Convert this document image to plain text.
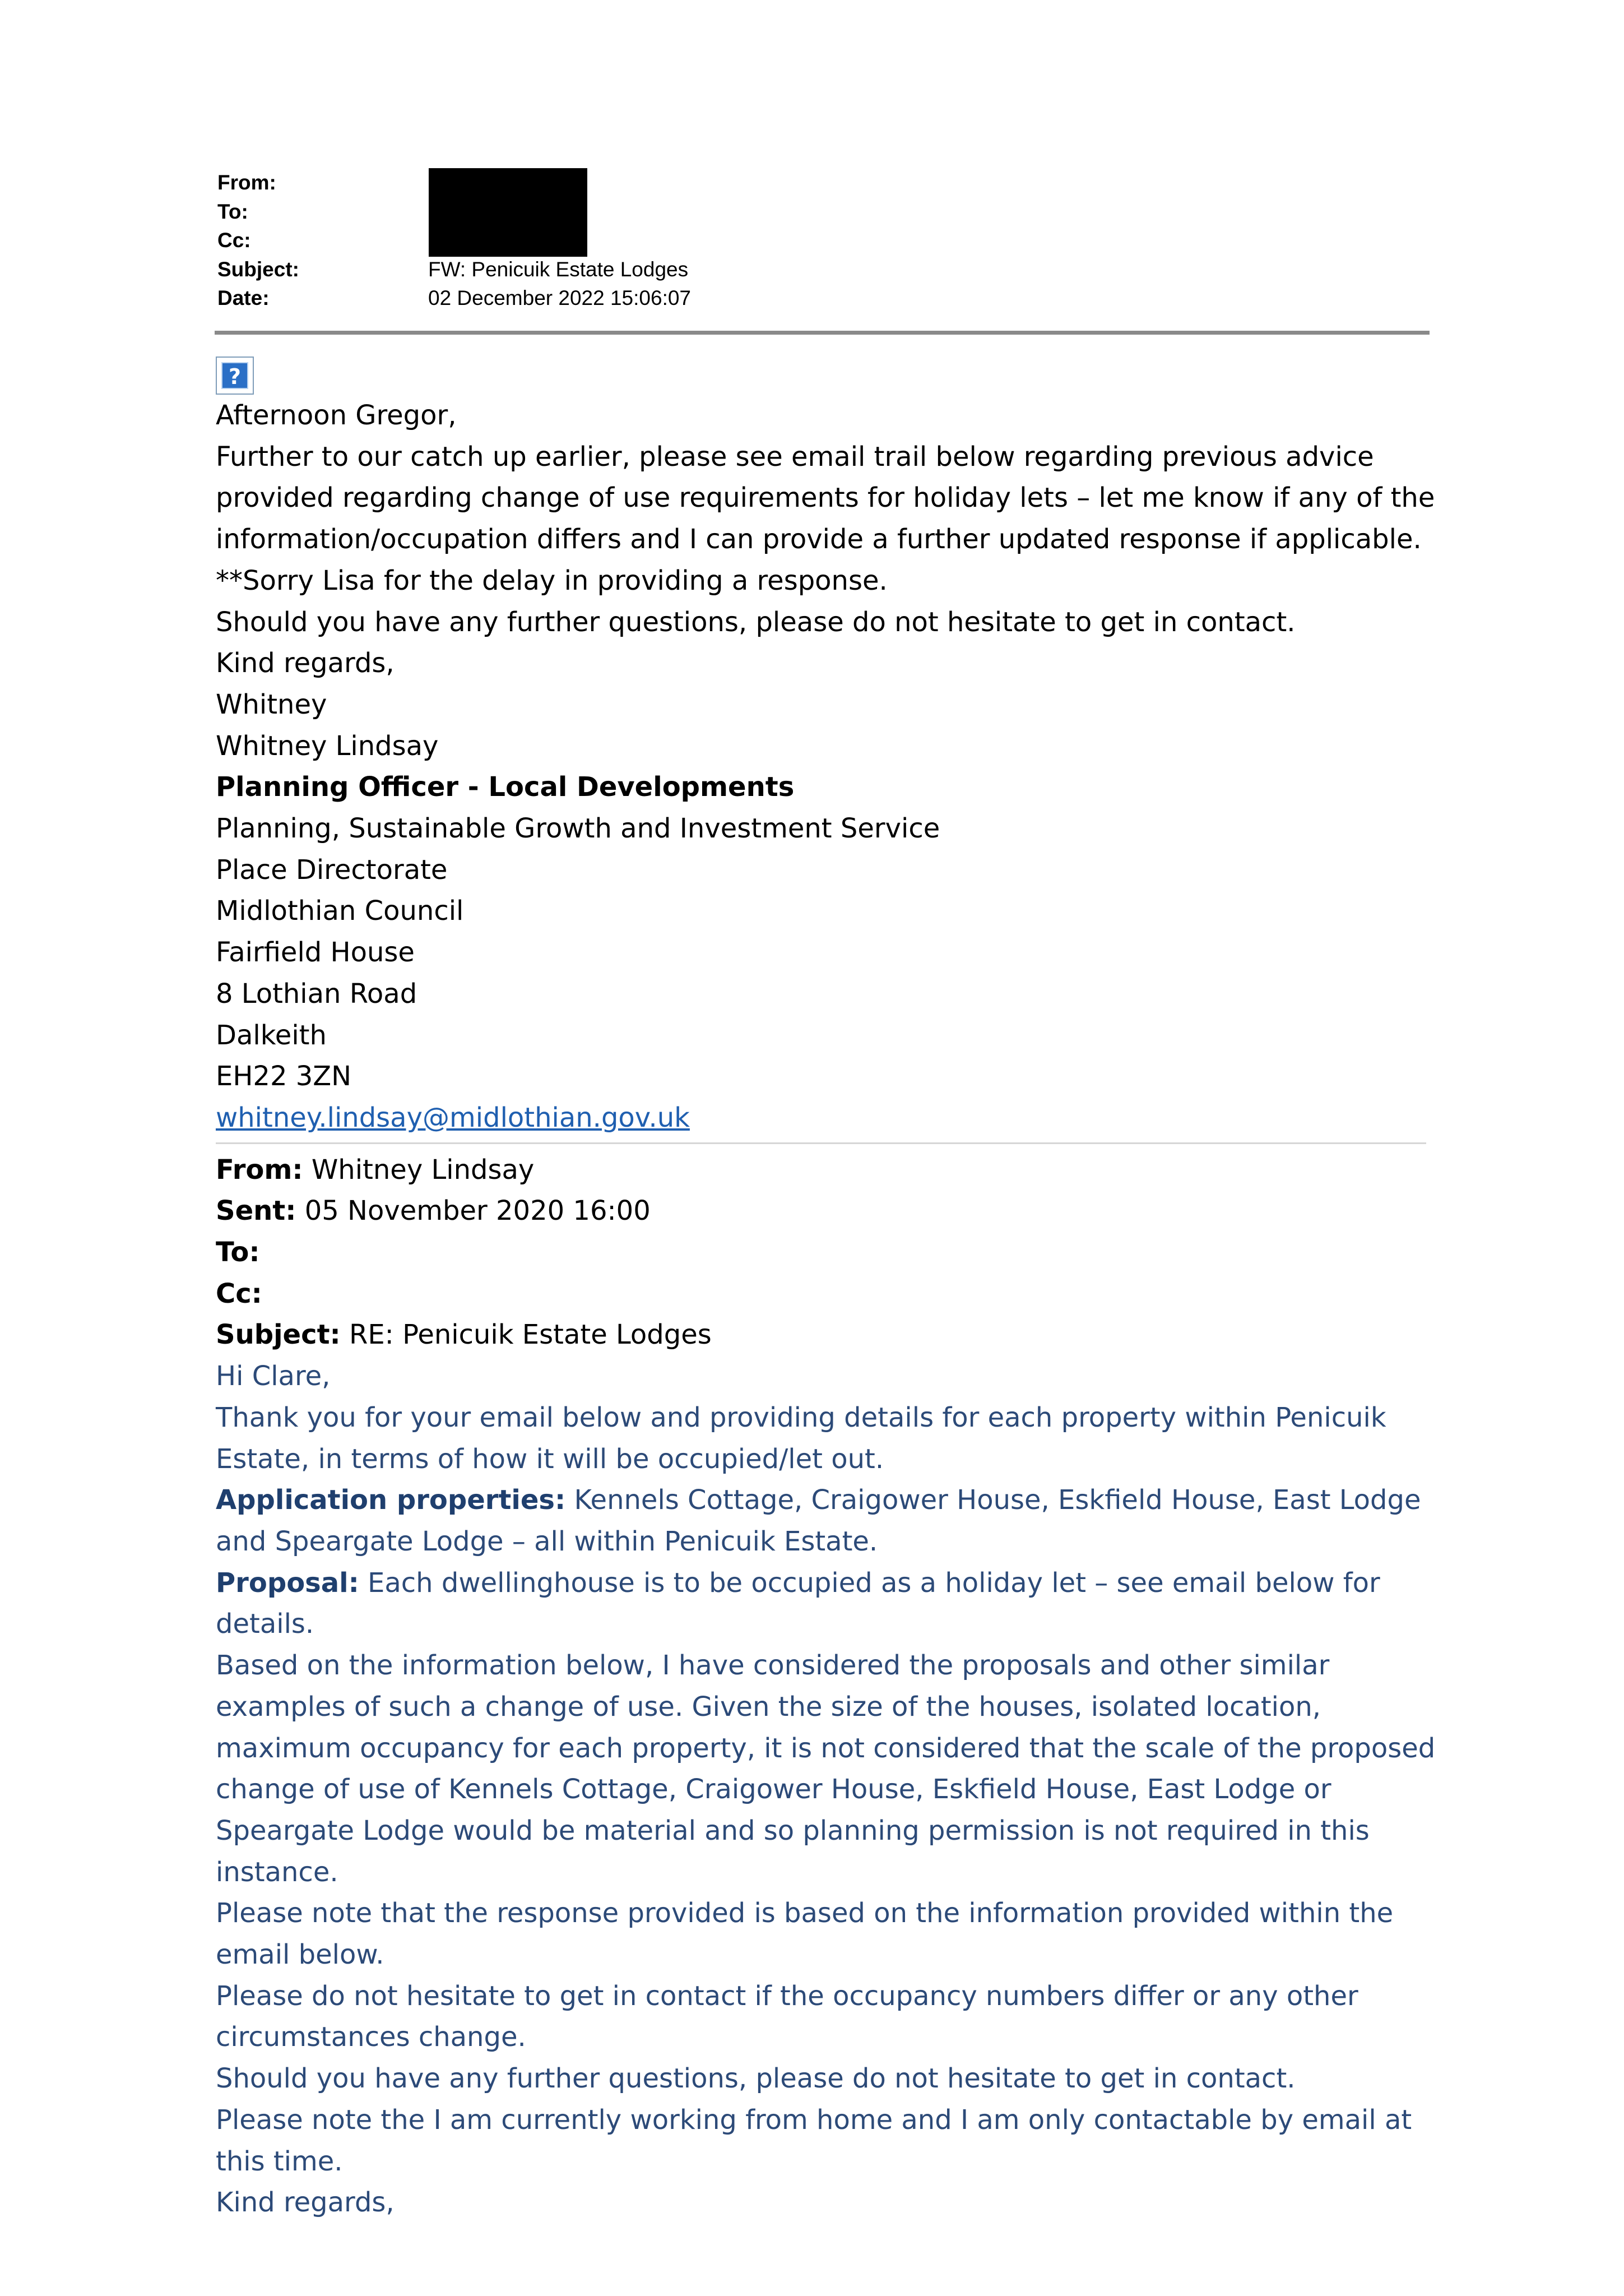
From:
To:
Cc:
Subject:	FW: Penicuik Estate Lodges
Date:	02 December 2022 15:06:07
?

Afternoon Gregor,

Further to our catch up earlier, please see email trail below regarding previous advice provided regarding change of use requirements for holiday lets – let me know if any of the information/occupation differs and I can provide a further updated response if applicable.

**Sorry Lisa for the delay in providing a response.

Should you have any further questions, please do not hesitate to get in contact.

Kind regards,

Whitney

Whitney Lindsay

Planning Officer - Local Developments

Planning, Sustainable Growth and Investment Service

Place Directorate

Midlothian Council

Fairfield House

8 Lothian Road

Dalkeith

EH22 3ZN

whitney.lindsay@midlothian.gov.uk

From: Whitney Lindsay

Sent: 05 November 2020 16:00

To:

Cc:

Subject: RE: Penicuik Estate Lodges

Hi Clare,

Thank you for your email below and providing details for each property within Penicuik Estate, in terms of how it will be occupied/let out.

Application properties: Kennels Cottage, Craigower House, Eskfield House, East Lodge and Speargate Lodge – all within Penicuik Estate.

Proposal: Each dwellinghouse is to be occupied as a holiday let – see email below for details.

Based on the information below, I have considered the proposals and other similar examples of such a change of use. Given the size of the houses, isolated location, maximum occupancy for each property, it is not considered that the scale of the proposed change of use of Kennels Cottage, Craigower House, Eskfield House, East Lodge or Speargate Lodge would be material and so planning permission is not required in this instance.

Please note that the response provided is based on the information provided within the email below.

Please do not hesitate to get in contact if the occupancy numbers differ or any other circumstances change.

Should you have any further questions, please do not hesitate to get in contact.

Please note the I am currently working from home and I am only contactable by email at this time.

Kind regards,
